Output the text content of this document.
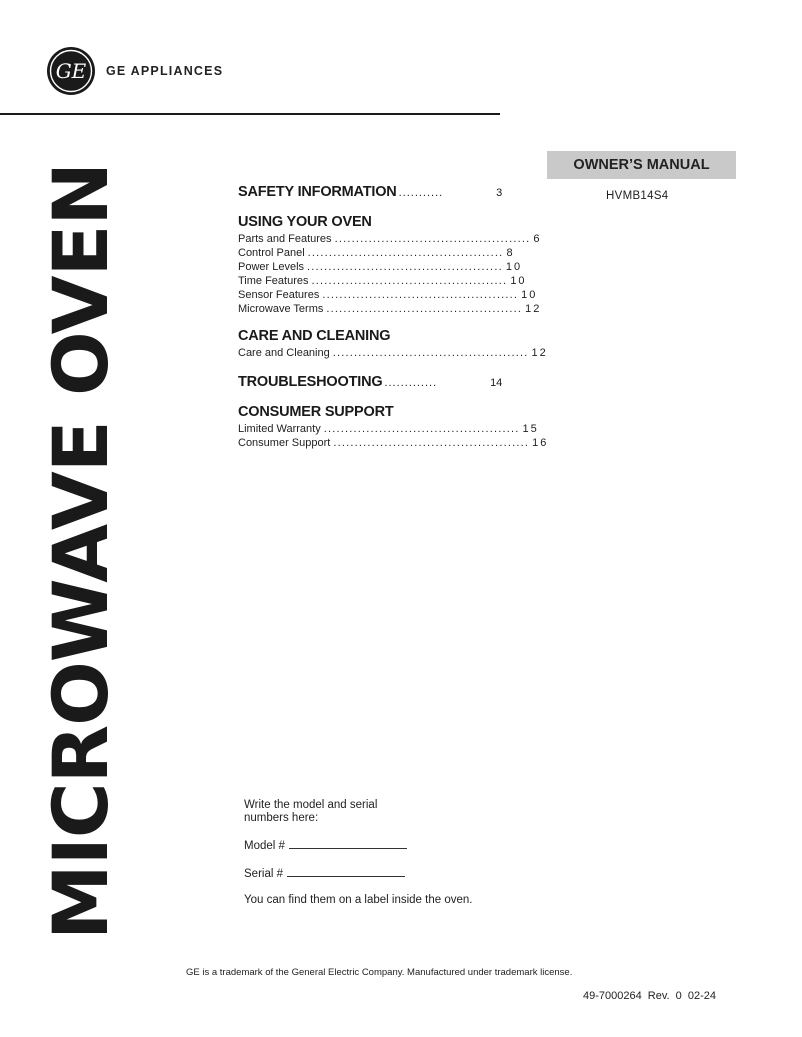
GE GE APPLIANCES
MICROWAVE OVEN	OWNER’S MANUAL
HVMB14S4
SAFETY INFORMATION ...........	3
USING YOUR OVEN
Parts and Features .............................................. 6
Control Panel .............................................. 8
Power Levels .............................................. 10
Time Features .............................................. 10
Sensor Features .............................................. 10
Microwave Terms .............................................. 12
CARE AND CLEANING
Care and Cleaning .............................................. 12
TROUBLESHOOTING .............	14
CONSUMER SUPPORT
Limited Warranty .............................................. 15
Consumer Support .............................................. 16

Write the model and serial numbers here:

Model #

Serial #

You can find them on a label inside the oven.

GE is a trademark of the General Electric Company. Manufactured under trademark license.
49-7000264 Rev. 0 02-24
